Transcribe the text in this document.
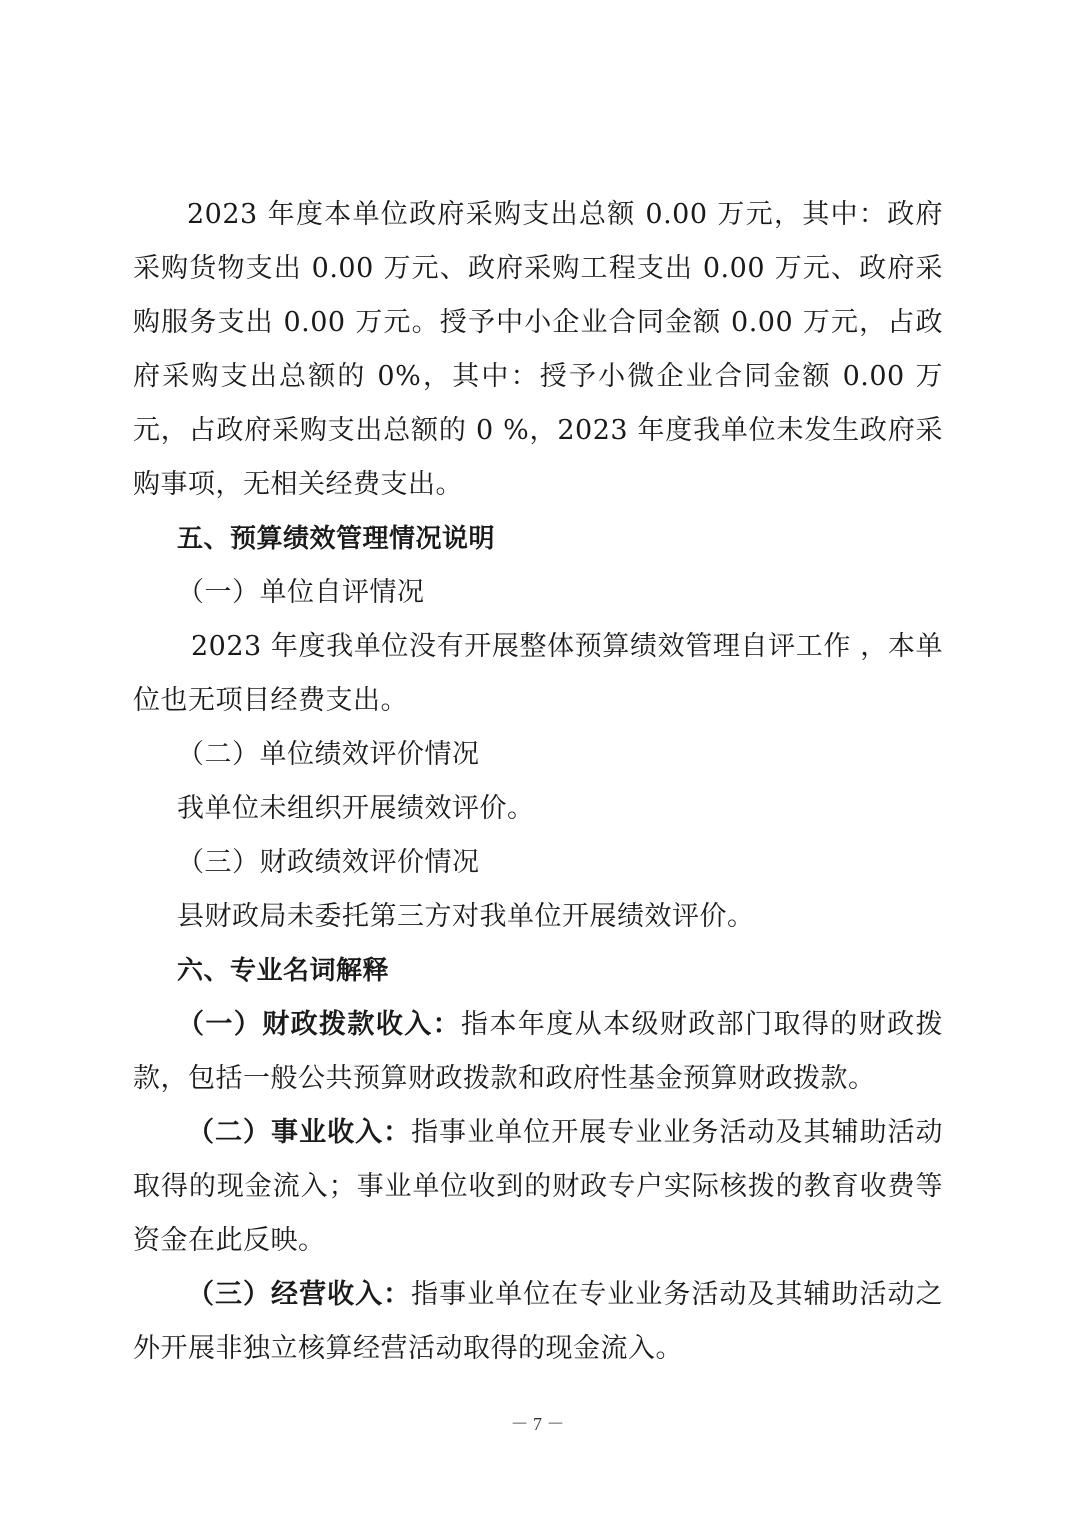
2023 年度本单位政府采购支出总额 0.00 万元，其中：政府采购货物支出 0.00 万元、政府采购工程支出 0.00 万元、政府采购服务支出 0.00 万元。授予中小企业合同金额 0.00 万元，占政府采购支出总额的 0%，其中：授予小微企业合同金额 0.00 万元，占政府采购支出总额的 0 %，2023 年度我单位未发生政府采购事项，无相关经费支出。

五、预算绩效管理情况说明

（一）单位自评情况

2023 年度我单位没有开展整体预算绩效管理自评工作 ，本单位也无项目经费支出。

（二）单位绩效评价情况

我单位未组织开展绩效评价。

（三）财政绩效评价情况

县财政局未委托第三方对我单位开展绩效评价。

六、专业名词解释

（一）财政拨款收入：指本年度从本级财政部门取得的财政拨款，包括一般公共预算财政拨款和政府性基金预算财政拨款。

（二）事业收入：指事业单位开展专业业务活动及其辅助活动取得的现金流入；事业单位收到的财政专户实际核拨的教育收费等资金在此反映。

（三）经营收入：指事业单位在专业业务活动及其辅助活动之外开展非独立核算经营活动取得的现金流入。

－ 7 －
